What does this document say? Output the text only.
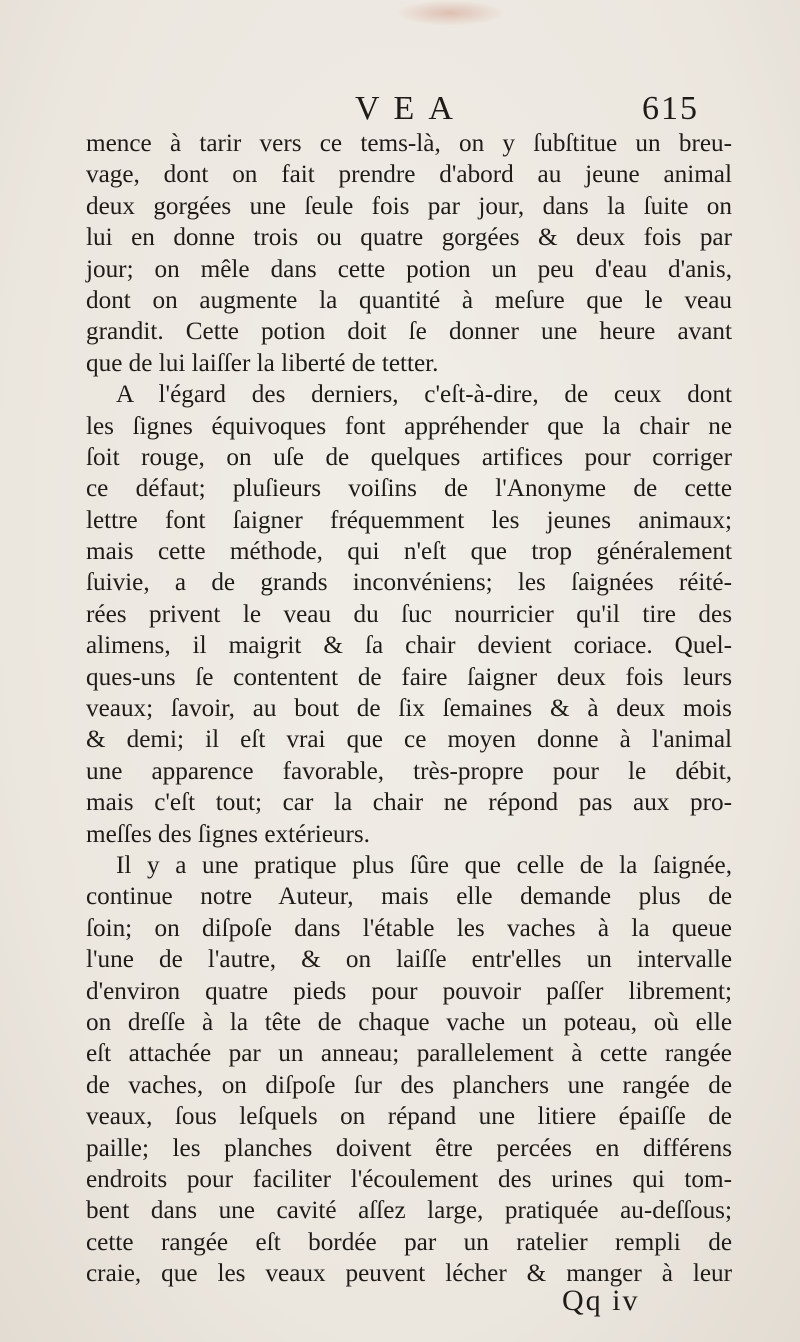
VEA	615
mence à tarir vers ce tems-là, on y ſubſtitue un breu-
vage, dont on fait prendre d'abord au jeune animal
deux gorgées une ſeule fois par jour, dans la ſuite on
lui en donne trois ou quatre gorgées & deux fois par
jour; on mêle dans cette potion un peu d'eau d'anis,
dont on augmente la quantité à meſure que le veau
grandit. Cette potion doit ſe donner une heure avant
que de lui laiſſer la liberté de tetter.
A l'égard des derniers, c'eſt-à-dire, de ceux dont
les ſignes équivoques font appréhender que la chair ne
ſoit rouge, on uſe de quelques artifices pour corriger
ce défaut; pluſieurs voiſins de l'Anonyme de cette
lettre font ſaigner fréquemment les jeunes animaux;
mais cette méthode, qui n'eſt que trop généralement
ſuivie, a de grands inconvéniens; les ſaignées réité-
rées privent le veau du ſuc nourricier qu'il tire des
alimens, il maigrit & ſa chair devient coriace. Quel-
ques-uns ſe contentent de faire ſaigner deux fois leurs
veaux; ſavoir, au bout de ſix ſemaines & à deux mois
& demi; il eſt vrai que ce moyen donne à l'animal
une apparence favorable, très-propre pour le débit,
mais c'eſt tout; car la chair ne répond pas aux pro-
meſſes des ſignes extérieurs.
Il y a une pratique plus ſûre que celle de la ſaignée,
continue notre Auteur, mais elle demande plus de
ſoin; on diſpoſe dans l'étable les vaches à la queue
l'une de l'autre, & on laiſſe entr'elles un intervalle
d'environ quatre pieds pour pouvoir paſſer librement;
on dreſſe à la tête de chaque vache un poteau, où elle
eſt attachée par un anneau; parallelement à cette rangée
de vaches, on diſpoſe ſur des planchers une rangée de
veaux, ſous leſquels on répand une litiere épaiſſe de
paille; les planches doivent être percées en différens
endroits pour faciliter l'écoulement des urines qui tom-
bent dans une cavité aſſez large, pratiquée au-deſſous;
cette rangée eſt bordée par un ratelier rempli de
craie, que les veaux peuvent lécher & manger à leur
Qq iv
